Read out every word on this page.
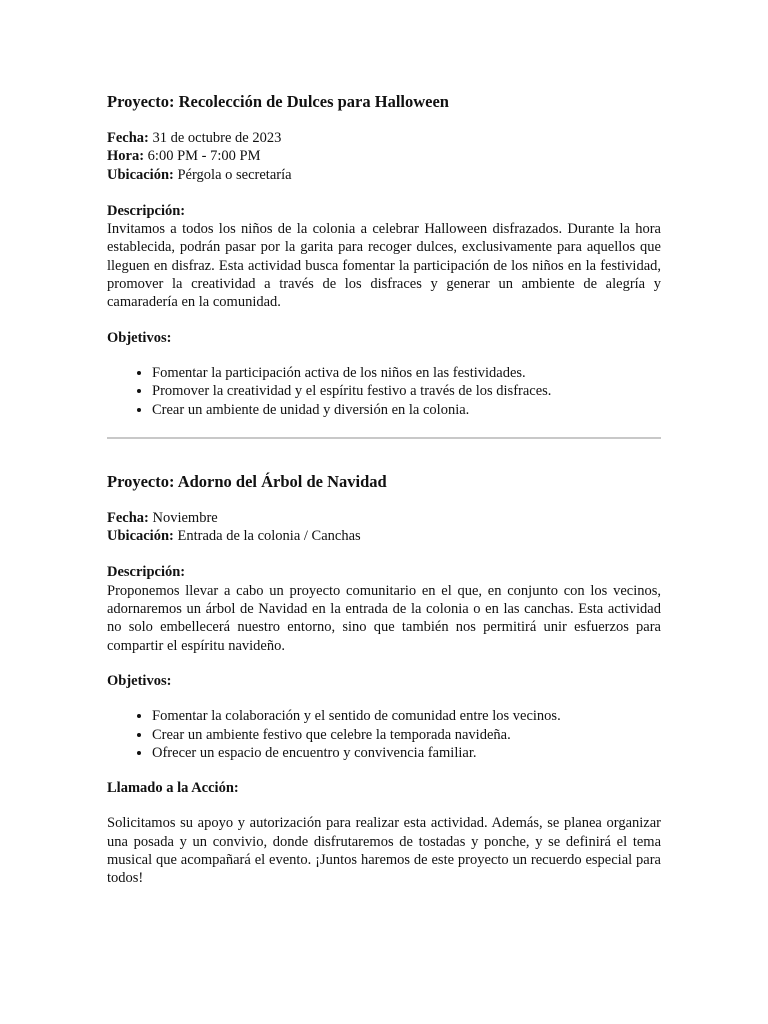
Proyecto: Recolección de Dulces para Halloween
Fecha: 31 de octubre de 2023
Hora: 6:00 PM - 7:00 PM
Ubicación: Pérgola o secretaría
Descripción:

Invitamos a todos los niños de la colonia a celebrar Halloween disfrazados. Durante la hora establecida, podrán pasar por la garita para recoger dulces, exclusivamente para aquellos que lleguen en disfraz. Esta actividad busca fomentar la participación de los niños en la festividad, promover la creatividad a través de los disfraces y generar un ambiente de alegría y camaradería en la comunidad.

Objetivos:
• Fomentar la participación activa de los niños en las festividades.
• Promover la creatividad y el espíritu festivo a través de los disfraces.
• Crear un ambiente de unidad y diversión en la colonia.
Proyecto: Adorno del Árbol de Navidad
Fecha: Noviembre
Ubicación: Entrada de la colonia / Canchas
Descripción:

Proponemos llevar a cabo un proyecto comunitario en el que, en conjunto con los vecinos, adornaremos un árbol de Navidad en la entrada de la colonia o en las canchas. Esta actividad no solo embellecerá nuestro entorno, sino que también nos permitirá unir esfuerzos para compartir el espíritu navideño.

Objetivos:
• Fomentar la colaboración y el sentido de comunidad entre los vecinos.
• Crear un ambiente festivo que celebre la temporada navideña.
• Ofrecer un espacio de encuentro y convivencia familiar.
Llamado a la Acción:

Solicitamos su apoyo y autorización para realizar esta actividad. Además, se planea organizar una posada y un convivio, donde disfrutaremos de tostadas y ponche, y se definirá el tema musical que acompañará el evento. ¡Juntos haremos de este proyecto un recuerdo especial para todos!
